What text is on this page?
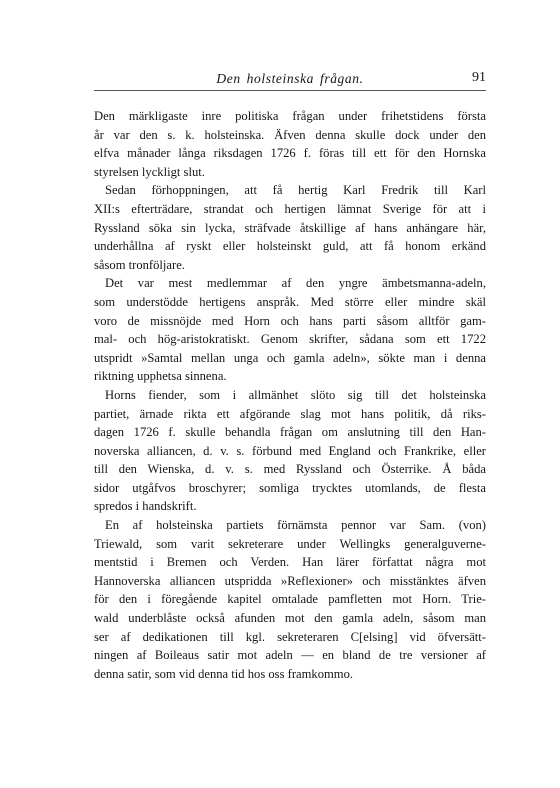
Den holsteinska frågan.	91
Den märkligaste inre politiska frågan under frihetstidens första
år var den s. k. holsteinska. Äfven denna skulle dock under den
elfva månader långa riksdagen 1726 f. föras till ett för den Hornska
styrelsen lyckligt slut.
Sedan förhoppningen, att få hertig Karl Fredrik till Karl
XII:s efterträdare, strandat och hertigen lämnat Sverige för att i
Ryssland söka sin lycka, sträfvade åtskillige af hans anhängare här,
underhållna af ryskt eller holsteinskt guld, att få honom erkänd
såsom tronföljare.
Det var mest medlemmar af den yngre ämbetsmanna-adeln,
som understödde hertigens anspråk. Med större eller mindre skäl
voro de missnöjde med Horn och hans parti såsom alltför gam-
mal- och hög-aristokratiskt. Genom skrifter, sådana som ett 1722
utspridt »Samtal mellan unga och gamla adeln», sökte man i denna
riktning upphetsa sinnena.
Horns fiender, som i allmänhet slöto sig till det holsteinska
partiet, ärnade rikta ett afgörande slag mot hans politik, då riks-
dagen 1726 f. skulle behandla frågan om anslutning till den Han-
noverska alliancen, d. v. s. förbund med England och Frankrike, eller
till den Wienska, d. v. s. med Ryssland och Österrike. Å båda
sidor utgåfvos broschyrer; somliga trycktes utomlands, de flesta
spredos i handskrift.
En af holsteinska partiets förnämsta pennor var Sam. (von)
Triewald, som varit sekreterare under Wellingks generalguverne-
mentstid i Bremen och Verden. Han lärer författat några mot
Hannoverska alliancen utspridda »Reflexioner» och misstänktes äfven
för den i föregående kapitel omtalade pamfletten mot Horn. Trie-
wald underblåste också afunden mot den gamla adeln, såsom man
ser af dedikationen till kgl. sekreteraren C[elsing] vid öfversätt-
ningen af Boileaus satir mot adeln — en bland de tre versioner af
denna satir, som vid denna tid hos oss framkommo.
